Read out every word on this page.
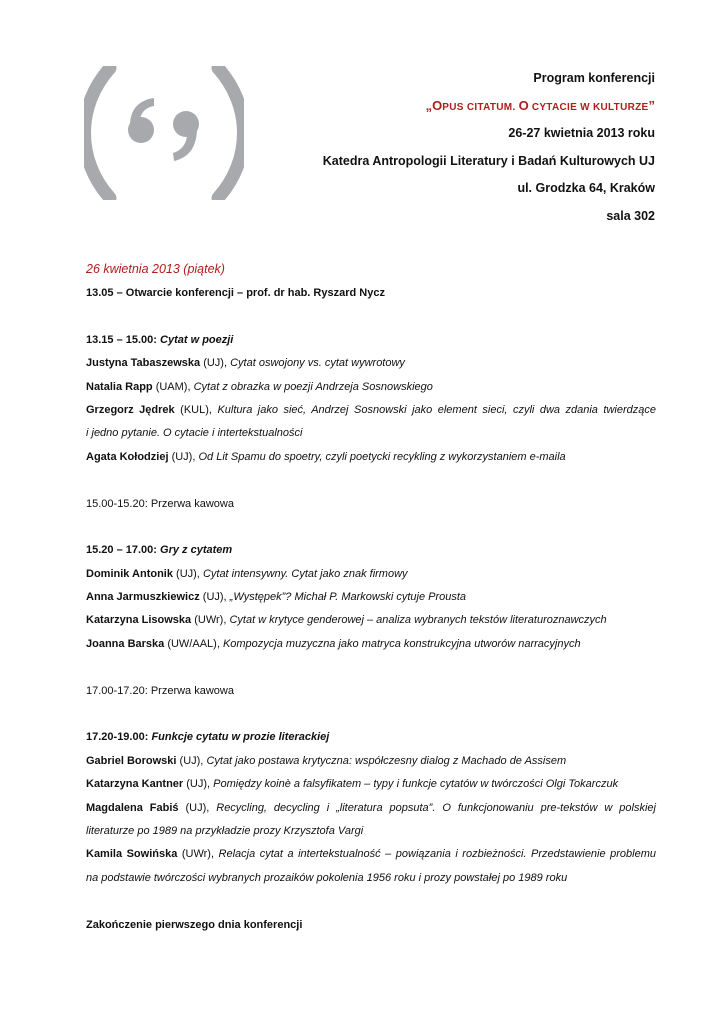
Program konferencji
„OPUS CITATUM. O CYTACIE W KULTURZE”
26-27 kwietnia 2013 roku
Katedra Antropologii Literatury i Badań Kulturowych UJ
ul. Grodzka 64, Kraków
sala 302
26 kwietnia 2013 (piątek)
13.05 – Otwarcie konferencji – prof. dr hab. Ryszard Nycz
13.15 – 15.00: Cytat w poezji
Justyna Tabaszewska (UJ), Cytat oswojony vs. cytat wywrotowy
Natalia Rapp (UAM), Cytat z obrazka w poezji Andrzeja Sosnowskiego
Grzegorz Jędrek (KUL), Kultura jako sieć, Andrzej Sosnowski jako element sieci, czyli dwa zdania twierdzące
i jedno pytanie. O cytacie i intertekstualności
Agata Kołodziej (UJ), Od Lit Spamu do spoetry, czyli poetycki recykling z wykorzystaniem e-maila
15.00-15.20: Przerwa kawowa
15.20 – 17.00: Gry z cytatem
Dominik Antonik (UJ), Cytat intensywny. Cytat jako znak firmowy
Anna Jarmuszkiewicz (UJ), „Występek”? Michał P. Markowski cytuje Prousta
Katarzyna Lisowska (UWr), Cytat w krytyce genderowej – analiza wybranych tekstów literaturoznawczych
Joanna Barska (UW/AAL), Kompozycja muzyczna jako matryca konstrukcyjna utworów narracyjnych
17.00-17.20: Przerwa kawowa
17.20-19.00: Funkcje cytatu w prozie literackiej
Gabriel Borowski (UJ), Cytat jako postawa krytyczna: współczesny dialog z Machado de Assisem
Katarzyna Kantner (UJ), Pomiędzy koinè a falsyfikatem – typy i funkcje cytatów w twórczości Olgi Tokarczuk
Magdalena Fabiś (UJ), Recycling, decycling i „literatura popsuta”. O funkcjonowaniu pre-tekstów w polskiej
literaturze po 1989 na przykładzie prozy Krzysztofa Vargi
Kamila Sowińska (UWr), Relacja cytat a intertekstualność – powiązania i rozbieżności. Przedstawienie problemu
na podstawie twórczości wybranych prozaików pokolenia 1956 roku i prozy powstałej po 1989 roku
Zakończenie pierwszego dnia konferencji
